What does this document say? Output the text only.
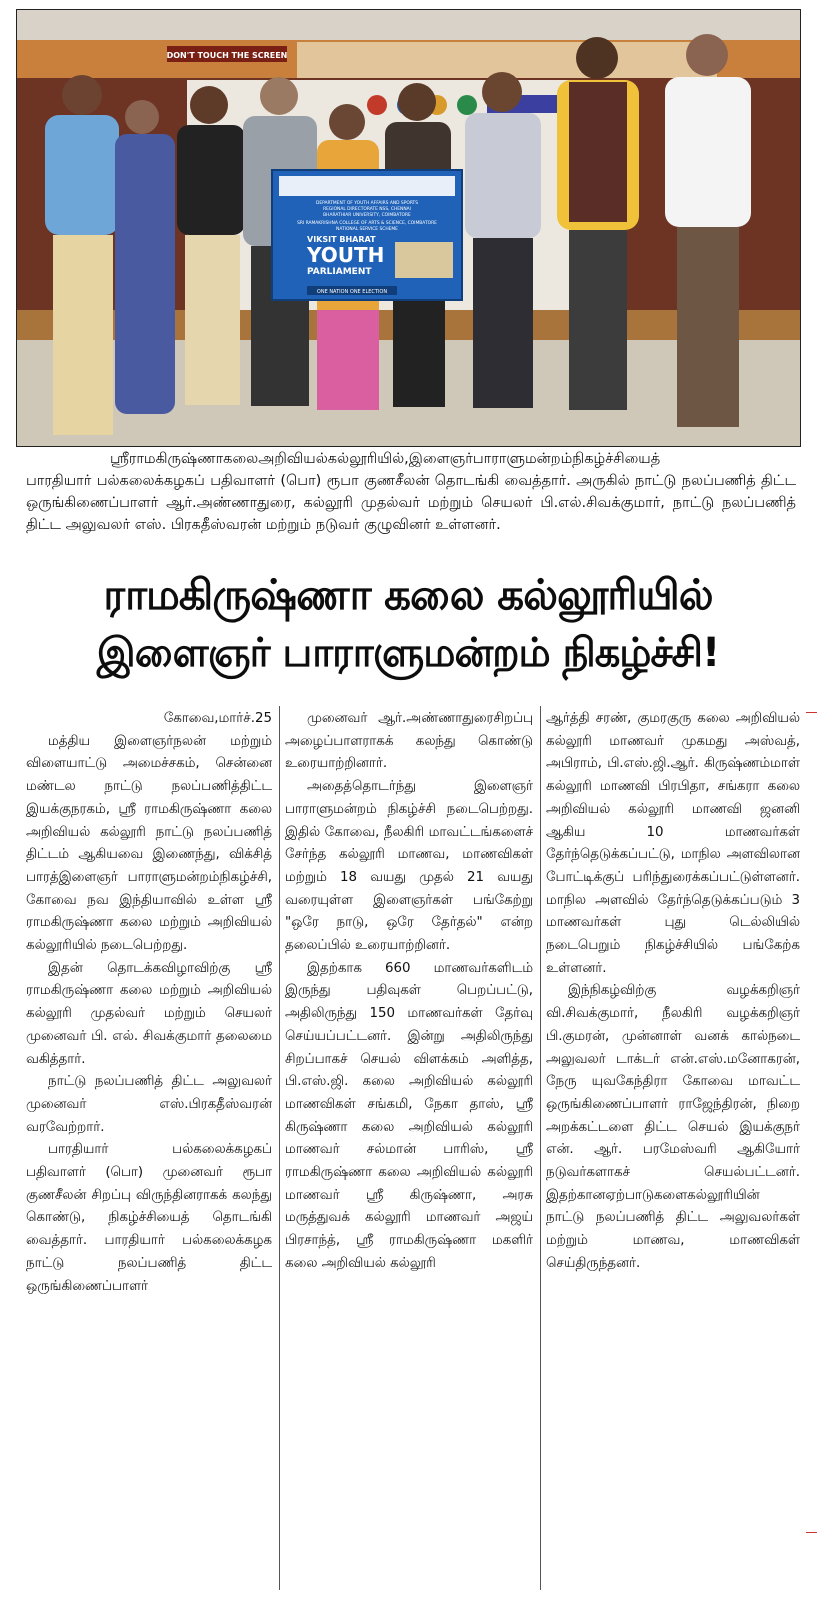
DON'T TOUCH THE SCREEN
DEPARTMENT OF YOUTH AFFAIRS AND SPORTS
REGIONAL DIRECTORATE NSS, CHENNAI
BHARATHIAR UNIVERSITY, COIMBATORE
SRI RAMAKRISHNA COLLEGE OF ARTS & SCIENCE, COIMBATORE
NATIONAL SERVICE SCHEME
VIKSIT BHARAT
YOUTH
PARLIAMENT
ONE NATION ONE ELECTION
ஸ்ரீராமகிருஷ்ணாகலைஅறிவியல்கல்லூரியில்,இளைஞர்பாராளுமன்றம்நிகழ்ச்சியைத்
பாரதியார் பல்கலைக்கழகப் பதிவாளர் (பொ) ரூபா குணசீலன் தொடங்கி வைத்தார். அருகில் நாட்டு நலப்பணித் திட்ட ஒருங்கிணைப்பாளர் ஆர்.அண்ணாதுரை, கல்லூரி முதல்வர் மற்றும் செயலர் பி.எல்.சிவக்குமார், நாட்டு நலப்பணித் திட்ட அலுவலர் எஸ். பிரகதீஸ்வரன் மற்றும் நடுவர் குழுவினர் உள்ளனர்.
ராமகிருஷ்ணா கலை கல்லூரியில்
இளைஞர் பாராளுமன்றம் நிகழ்ச்சி!

கோவை,மார்ச்.25

மத்திய இளைஞர்நலன் மற்றும் விளையாட்டு அமைச்சகம், சென்னை மண்டல நாட்டு நலப்பணித்திட்ட இயக்குநரகம், ஸ்ரீ ராமகிருஷ்ணா கலை அறிவியல் கல்லூரி நாட்டு நலப்பணித் திட்டம் ஆகியவை இணைந்து, விக்சித் பாரத்இளைஞர் பாராளுமன்றம்நிகழ்ச்சி, கோவை நவ இந்தியாவில் உள்ள ஸ்ரீ ராமகிருஷ்ணா கலை மற்றும் அறிவியல் கல்லூரியில் நடைபெற்றது.

இதன் தொடக்கவிழாவிற்கு ஸ்ரீ ராமகிருஷ்ணா கலை மற்றும் அறிவியல் கல்லூரி முதல்வர் மற்றும் செயலர் முனைவர் பி. எல். சிவக்குமார் தலைமை வகித்தார்.

நாட்டு நலப்பணித் திட்ட அலுவலர் முனைவர் எஸ்.பிரகதீஸ்வரன் வரவேற்றார்.

பாரதியார் பல்கலைக்கழகப் பதிவாளர் (பொ) முனைவர் ரூபா குணசீலன் சிறப்பு விருந்தினராகக் கலந்து கொண்டு, நிகழ்ச்சியைத் தொடங்கி வைத்தார். பாரதியார் பல்கலைக்கழக நாட்டு நலப்பணித் திட்ட ஒருங்கிணைப்பாளர்

முனைவர் ஆர்.அண்ணாதுரைசிறப்பு அழைப்பாளராகக் கலந்து கொண்டு உரையாற்றினார்.

அதைத்தொடர்ந்து இளைஞர் பாராளுமன்றம் நிகழ்ச்சி நடைபெற்றது. இதில் கோவை, நீலகிரி மாவட்டங்களைச் சேர்ந்த கல்லூரி மாணவ, மாணவிகள் மற்றும் 18 வயது முதல் 21 வயது வரையுள்ள இளைஞர்கள் பங்கேற்று "ஒரே நாடு, ஒரே தேர்தல்" என்ற தலைப்பில் உரையாற்றினர்.

இதற்காக 660 மாணவர்களிடம் இருந்து பதிவுகள் பெறப்பட்டு, அதிலிருந்து 150 மாணவர்கள் தேர்வு செய்யப்பட்டனர். இன்று அதிலிருந்து சிறப்பாகச் செயல் விளக்கம் அளித்த, பி.எஸ்.ஜி. கலை அறிவியல் கல்லூரி மாணவிகள் சங்கமி, நேகா தாஸ், ஸ்ரீ கிருஷ்ணா கலை அறிவியல் கல்லூரி மாணவர் சல்மான் பாரிஸ், ஸ்ரீ ராமகிருஷ்ணா கலை அறிவியல் கல்லூரி மாணவர் ஸ்ரீ கிருஷ்ணா, அரசு மருத்துவக் கல்லூரி மாணவர் அஜய் பிரசாந்த், ஸ்ரீ ராமகிருஷ்ணா மகளிர் கலை அறிவியல் கல்லூரி

ஆர்த்தி சரண், குமரகுரு கலை அறிவியல் கல்லூரி மாணவர் முகமது அஸ்வத், அபிராம், பி.எஸ்.ஜி.ஆர். கிருஷ்ணம்மாள் கல்லூரி மாணவி பிரபிதா, சங்கரா கலை அறிவியல் கல்லூரி மாணவி ஜனனி ஆகிய 10 மாணவர்கள் தேர்ந்தெடுக்கப்பட்டு, மாநில அளவிலான போட்டிக்குப் பரிந்துரைக்கப்பட்டுள்ளனர். மாநில அளவில் தேர்ந்தெடுக்கப்படும் 3 மாணவர்கள் புது டெல்லியில் நடைபெறும் நிகழ்ச்சியில் பங்கேற்க உள்ளனர்.

இந்நிகழ்விற்கு வழக்கறிஞர் வி.சிவக்குமார், நீலகிரி வழக்கறிஞர் பி.குமரன், முன்னாள் வனக் கால்நடை அலுவலர் டாக்டர் என்.எஸ்.மனோகரன், நேரு யுவகேந்திரா கோவை மாவட்ட ஒருங்கிணைப்பாளர் ராஜேந்திரன், நிறை அறக்கட்டளை திட்ட செயல் இயக்குநர் என். ஆர். பரமேஸ்வரி ஆகியோர் நடுவர்களாகச் செயல்பட்டனர். இதற்கானஏற்பாடுகளைகல்லூரியின் நாட்டு நலப்பணித் திட்ட அலுவலர்கள் மற்றும் மாணவ, மாணவிகள் செய்திருந்தனர்.
